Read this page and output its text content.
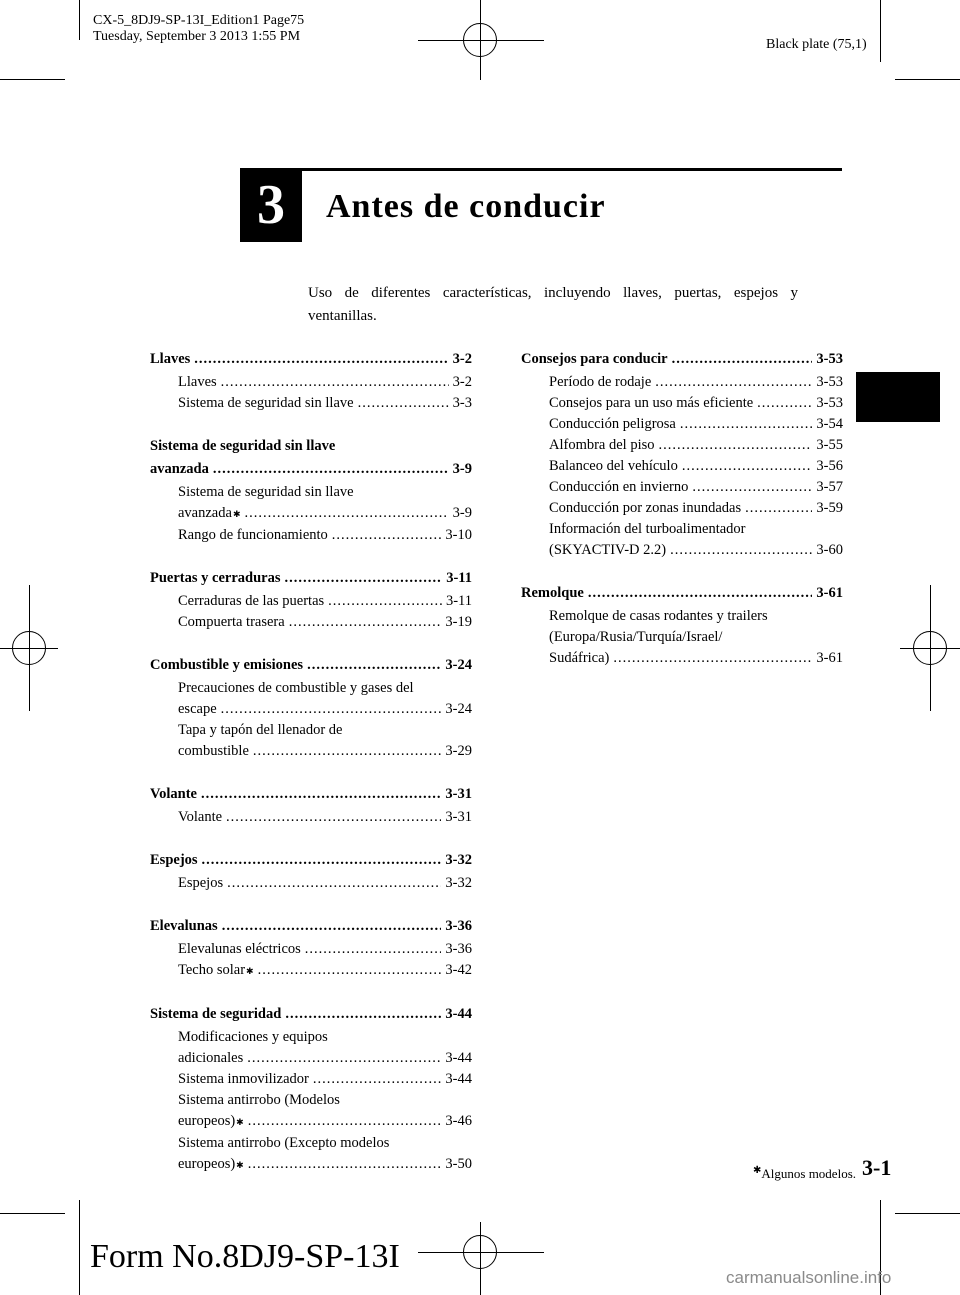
CX-5_8DJ9-SP-13I_Edition1 Page75
Tuesday, September 3 2013 1:55 PM
Black plate (75,1)
3	Antes de conducir
Uso de diferentes características, incluyendo llaves, puertas, espejos y ventanillas.
Llaves .....	3-2
Llaves .....	3-2
Sistema de seguridad sin llave .....	3-3
Sistema de seguridad sin llave
avanzada .....	3-9
Sistema de seguridad sin llave
avanzada ✱ .....	3-9
Rango de funcionamiento .....	3-10
Puertas y cerraduras .....	3-11
Cerraduras de las puertas .....	3-11
Compuerta trasera .....	3-19
Combustible y emisiones .....	3-24
Precauciones de combustible y gases del
escape .....	3-24
Tapa y tapón del llenador de
combustible .....	3-29
Volante .....	3-31
Volante .....	3-31
Espejos .....	3-32
Espejos .....	3-32
Elevalunas .....	3-36
Elevalunas eléctricos .....	3-36
Techo solar ✱ .....	3-42
Sistema de seguridad .....	3-44
Modificaciones y equipos
adicionales .....	3-44
Sistema inmovilizador .....	3-44
Sistema antirrobo (Modelos
europeos) ✱ .....	3-46
Sistema antirrobo (Excepto modelos
europeos) ✱ .....	3-50
Consejos para conducir .....	3-53
Período de rodaje .....	3-53
Consejos para un uso más eficiente .....	3-53
Conducción peligrosa .....	3-54
Alfombra del piso .....	3-55
Balanceo del vehículo .....	3-56
Conducción en invierno .....	3-57
Conducción por zonas inundadas .....	3-59
Información del turboalimentador
(SKYACTIV-D 2.2) .....	3-60
Remolque .....	3-61
Remolque de casas rodantes y trailers
(Europa/Rusia/Turquía/Israel/
Sudáfrica) .....	3-61
✱Algunos modelos. 3-1
Form No.8DJ9-SP-13I
carmanualsonline.info
